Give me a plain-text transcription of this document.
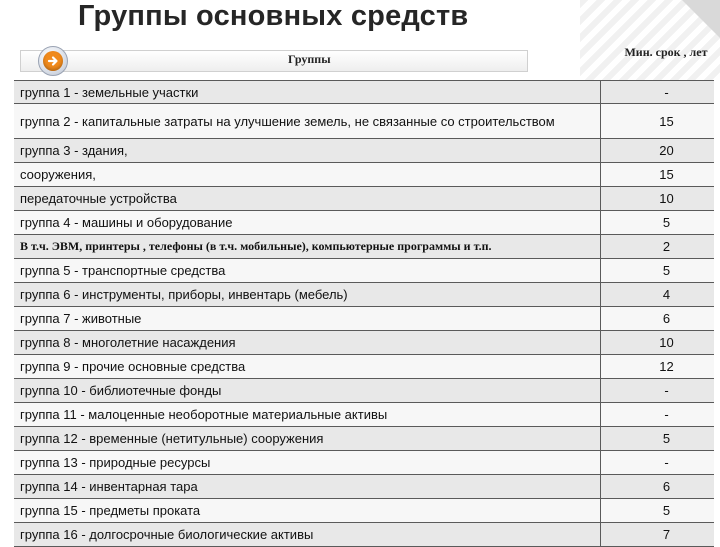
Группы основных средств
Группы	Мин. срок , лет
группа 1 - земельные участки	-
группа 2 - капитальные затраты на улучшение земель, не связанные со строительством	15
группа 3 - здания,	20
сооружения,	15
передаточные устройства	10
группа 4 - машины и оборудование	5
В т.ч. ЭВМ, принтеры , телефоны (в т.ч. мобильные), компьютерные программы и т.п.	2
группа 5 - транспортные средства	5
группа 6 - инструменты, приборы, инвентарь (мебель)	4
группа 7 - животные	6
группа 8 - многолетние насаждения	10
группа 9 - прочие основные средства	12
группа 10 - библиотечные фонды	-
группа 11 - малоценные необоротные материальные активы	-
группа 12 - временные (нетитульные) сооружения	5
группа 13 - природные ресурсы	-
группа 14 - инвентарная тара	6
группа 15 - предметы проката	5
группа 16 - долгосрочные биологические активы	7
